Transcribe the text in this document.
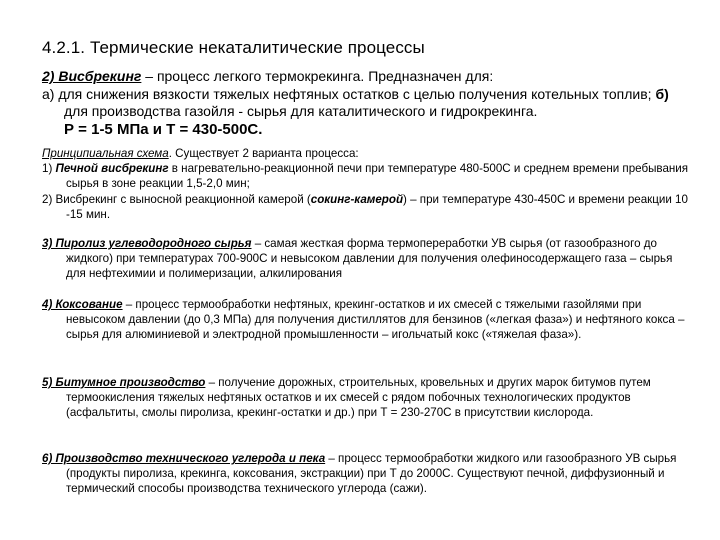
4.2.1. Термические некаталитические процессы

2) Висбрекинг – процесс легкого термокрекинга. Предназначен для:

а) для снижения вязкости тяжелых нефтяных остатков с целью получения котельных топлив; б) для производства газойля - сырья для каталитического и гидрокрекинга.
Р = 1-5 МПа и Т = 430-500С.

Принципиальная схема. Существует 2 варианта процесса:

1) Печной висбрекинг в нагревательно-реакционной печи при температуре 480-500С и среднем времени пребывания сырья в зоне реакции 1,5-2,0 мин;

2) Висбрекинг с выносной реакционной камерой (сокинг-камерой) – при температуре 430-450С и времени реакции 10 -15 мин.

3) Пиролиз углеводородного сырья – самая жесткая форма термопереработки УВ сырья (от газообразного до жидкого) при температурах 700-900С и невысоком давлении для получения олефиносодержащего газа – сырья для нефтехимии и полимеризации, алкилирования

4) Коксование – процесс термообработки нефтяных, крекинг-остатков и их смесей с тяжелыми газойлями при невысоком давлении (до 0,3 МПа) для получения дистиллятов для бензинов («легкая фаза») и нефтяного кокса – сырья для алюминиевой и электродной промышленности – игольчатый кокс («тяжелая фаза»).

5) Битумное производство – получение дорожных, строительных, кровельных и других марок битумов путем термоокисления тяжелых нефтяных остатков и их смесей с рядом побочных технологических продуктов (асфальтиты, смолы пиролиза, крекинг-остатки и др.) при Т = 230-270С в присутствии кислорода.

6) Производство технического углерода и пека – процесс термообработки жидкого или газообразного УВ сырья (продукты пиролиза, крекинга, коксования, экстракции) при Т до 2000С. Существуют печной, диффузионный и термический способы производства технического углерода (сажи).
